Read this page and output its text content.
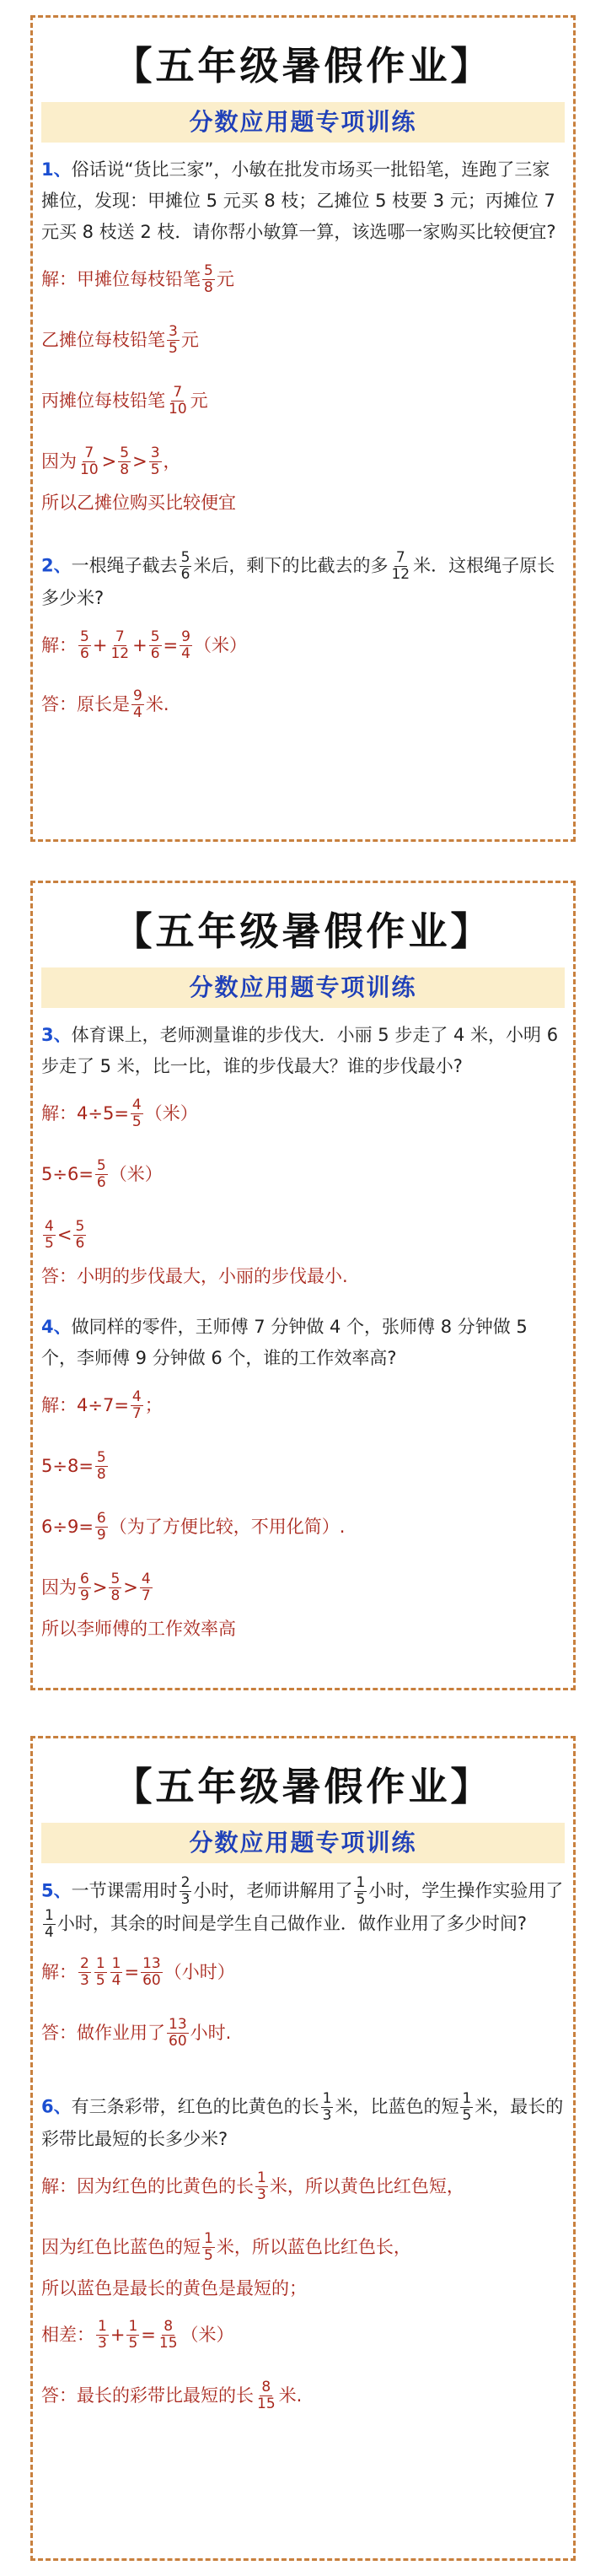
【五年级暑假作业】
分数应用题专项训练
1、俗话说“货比三家”，小敏在批发市场买一批铅笔，连跑了三家摊位，发现：甲摊位 5 元买 8 枝；乙摊位 5 枝要 3 元；丙摊位 7 元买 8 枝送 2 枝．请你帮小敏算一算，该选哪一家购买比较便宜?
解：甲摊位每枝铅笔 $\frac{5}{8}$ 元
乙摊位每枝铅笔 $\frac{3}{5}$ 元
丙摊位每枝铅笔 $\frac{7}{10}$ 元
因为 $\frac{7}{10} > \frac{5}{8} > \frac{3}{5}$ ，
所以乙摊位购买比较便宜
2、一根绳子截去 $\frac{5}{6}$ 米后，剩下的比截去的多 $\frac{7}{12}$ 米．这根绳子原长多少米?
解： $\frac{5}{6} + \frac{7}{12} + \frac{5}{6} = \frac{9}{4}$ （米）
答：原长是 $\frac{9}{4}$ 米.
【五年级暑假作业】
分数应用题专项训练
3、体育课上，老师测量谁的步伐大．小丽 5 步走了 4 米，小明 6 步走了 5 米，比一比，谁的步伐最大？谁的步伐最小?
解：$4\div 5= \frac{4}{5}$ （米）
$5\div 6= \frac{5}{6}$ （米）
$\frac{4}{5} < \frac{5}{6}$
答：小明的步伐最大，小丽的步伐最小.
4、做同样的零件，王师傅 7 分钟做 4 个，张师傅 8 分钟做 5 个，李师傅 9 分钟做 6 个，谁的工作效率高?
解：$4\div 7= \frac{4}{7}$ ；
$5\div 8= \frac{5}{8}$
$6\div 9= \frac{6}{9}$ （为了方便比较，不用化简）.
因为 $\frac{6}{9} > \frac{5}{8} > \frac{4}{7}$
所以李师傅的工作效率高
【五年级暑假作业】
分数应用题专项训练
5、一节课需用时 $\frac{2}{3}$ 小时，老师讲解用了 $\frac{1}{5}$ 小时，学生操作实验用了
$\frac{1}{4}$ 小时，其余的时间是学生自己做作业．做作业用了多少时间?
解： $\frac{2}{3} \frac{1}{5} \frac{1}{4} = \frac{13}{60}$ （小时）
答：做作业用了 $\frac{13}{60}$ 小时.
6、有三条彩带，红色的比黄色的长 $\frac{1}{3}$ 米，比蓝色的短 $\frac{1}{5}$ 米，最长的彩带比最短的长多少米?
解：因为红色的比黄色的长 $\frac{1}{3}$ 米，所以黄色比红色短，
因为红色比蓝色的短 $\frac{1}{5}$ 米，所以蓝色比红色长，
所以蓝色是最长的黄色是最短的；
相差： $\frac{1}{3} + \frac{1}{5} = \frac{8}{15}$ （米）
答：最长的彩带比最短的长 $\frac{8}{15}$ 米.
